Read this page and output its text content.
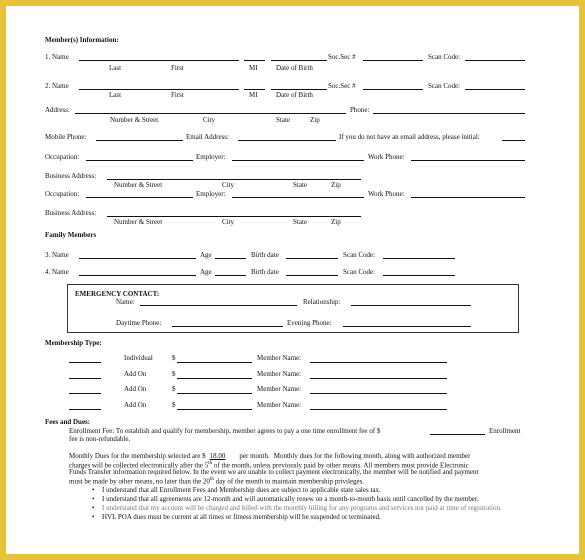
Member(s) Information:
1. Name	Soc.Sec #	Scan Code:
Last	First	MI	Date of Birth
2. Name	Soc.Sec #	Scan Code:
Last	First	MI	Date of Birth
Address:	Phone:
Number & Street	City	State	Zip
Mobile Phone:	Email Address:	If you do not have an email address, please initial:
Occupation:	Employer:	Work Phone:
Business Address:
Number & Street	City	State	Zip
Occupation:	Employer:	Work Phone:
Business Address:
Number & Street	City	State	Zip
Family Members
3. Name	Age	Birth date	Scan Code:
4. Name	Age	Birth date	Scan Code:
EMERGENCY CONTACT:
Name:	Relationship:
Daytime Phone:	Evening Phone:
Membership Type:
Individual	$	Member Name:
Add On	$	Member Name:
Add On	$	Member Name:
Add On	$	Member Name:
Fees and Dues:
Enrollment Fee: To establish and qualify for membership, member agrees to pay a one time enrollment fee of $	Enrollment
fee is non-refundable.
Monthly Dues for the membership selected are $ 18.00 per month. Monthly dues for the following month, along with authorized member
charges will be collected electronically after the 5th of the month, unless previously paid by other means. All members must provide Electronic
Funds Transfer information required below. In the event we are unable to collect payment electronically, the member will be notified and payment
must be made by other means, no later than the 20th day of the month to maintain membership privileges.
• I understand that all Enrollment Fees and Membership dues are subject to applicable state sales tax.
• I understand that all agreements are 12-month and will automatically renew on a month-to-month basis until cancelled by the member.
• I understand that my account will be charged and billed with the monthly billing for any programs and services not paid at time of registration.
• HVL POA dues must be current at all times or fitness membership will be suspended or terminated.
